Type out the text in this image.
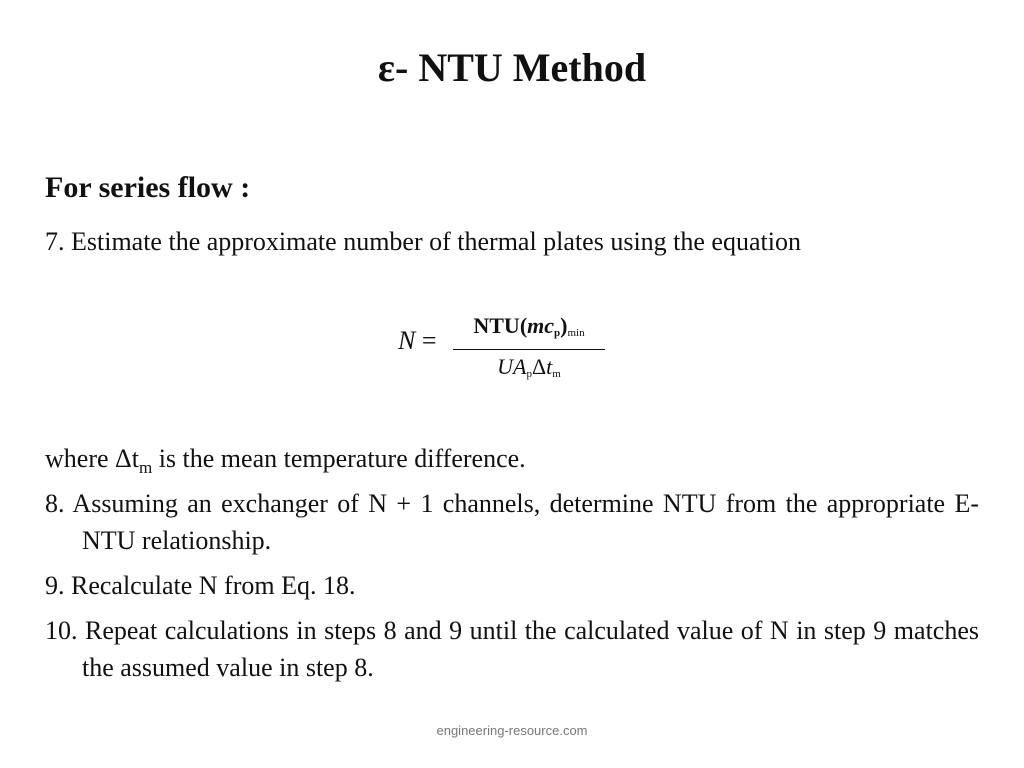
ε- NTU Method
For series flow :
7. Estimate the approximate number of thermal plates using the equation
N =
$NTU(mc_p)_{min}$
$UA_p\Delta t_m$
where $\Delta t_m$ is the mean temperature difference.
8. Assuming an exchanger of N + 1 channels, determine NTU from the appropriate E-NTU relationship.
9. Recalculate N from Eq. 18.
10. Repeat calculations in steps 8 and 9 until the calculated value of N in step 9 matches the assumed value in step 8.
engineering-resource.com
